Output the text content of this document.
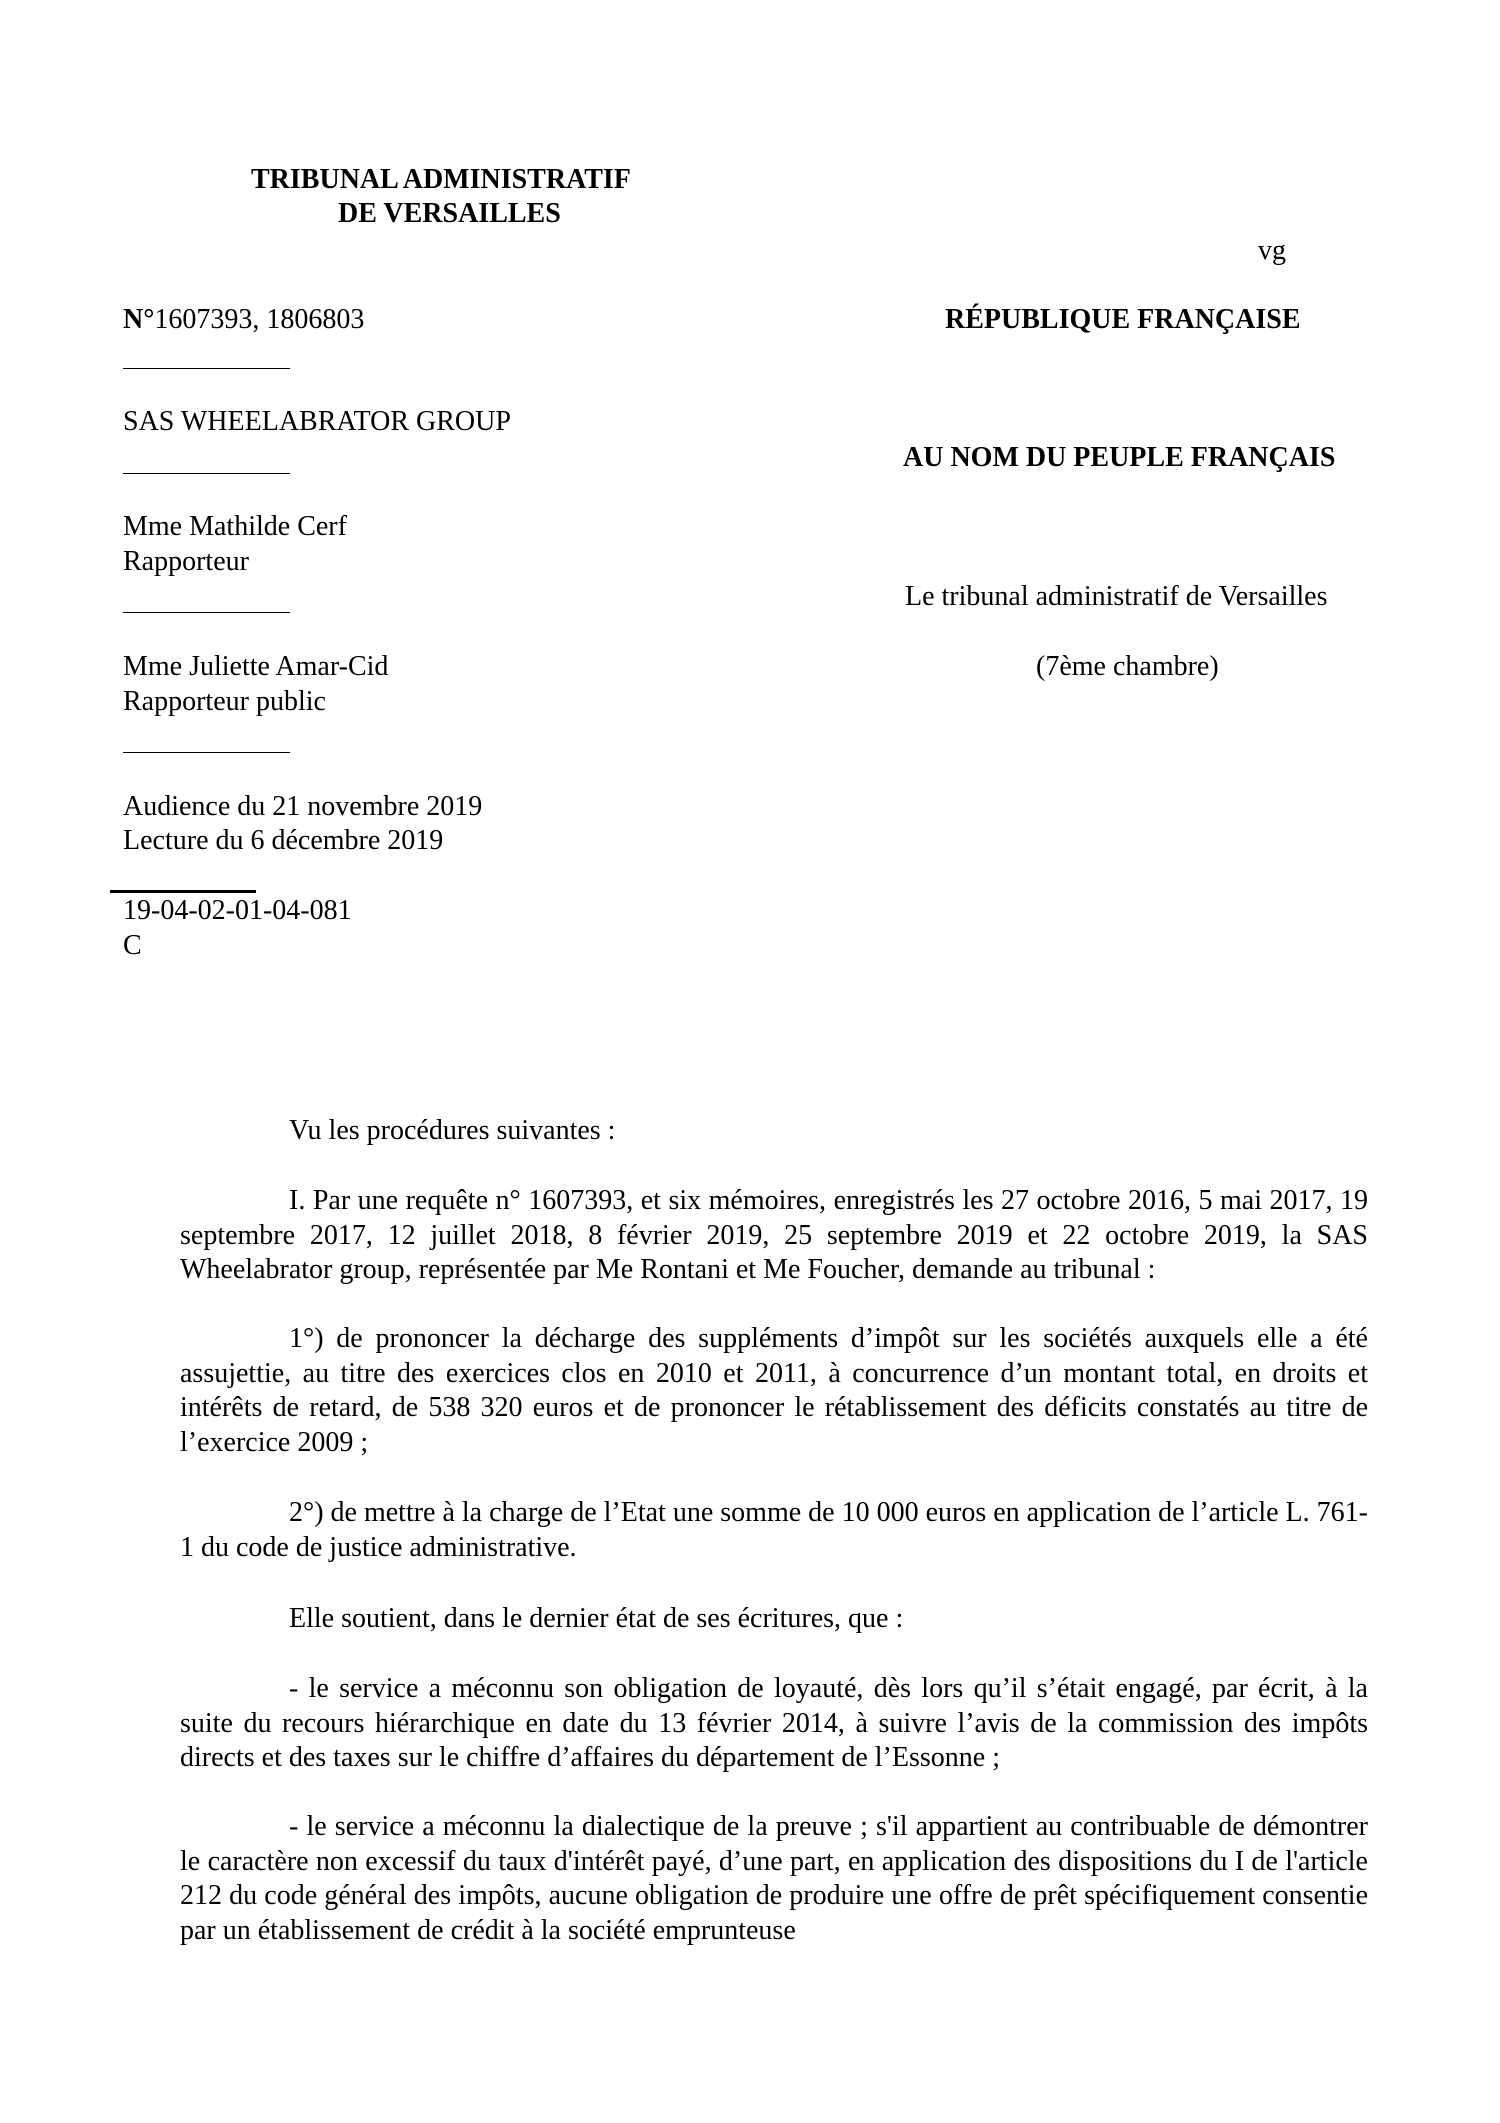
TRIBUNAL ADMINISTRATIF
DE VERSAILLES
vg
N°1607393, 1806803	RÉPUBLIQUE FRANÇAISE
SAS WHEELABRATOR GROUP
AU NOM DU PEUPLE FRANÇAIS
Mme Mathilde Cerf
Rapporteur
Le tribunal administratif de Versailles
Mme Juliette Amar-Cid	(7ème chambre)
Rapporteur public
Audience du 21 novembre 2019
Lecture du 6 décembre 2019
19-04-02-01-04-081
C

Vu les procédures suivantes :

I. Par une requête n° 1607393, et six mémoires, enregistrés les 27 octobre 2016, 5 mai 2017, 19 septembre 2017, 12 juillet 2018, 8 février 2019, 25 septembre 2019 et 22 octobre 2019, la SAS Wheelabrator group, représentée par Me Rontani et Me Foucher, demande au tribunal :

1°) de prononcer la décharge des suppléments d’impôt sur les sociétés auxquels elle a été assujettie, au titre des exercices clos en 2010 et 2011, à concurrence d’un montant total, en droits et intérêts de retard, de 538 320 euros et de prononcer le rétablissement des déficits constatés au titre de l’exercice 2009 ;

2°) de mettre à la charge de l’Etat une somme de 10 000 euros en application de l’article L. 761-1 du code de justice administrative.

Elle soutient, dans le dernier état de ses écritures, que :

- le service a méconnu son obligation de loyauté, dès lors qu’il s’était engagé, par écrit, à la suite du recours hiérarchique en date du 13 février 2014, à suivre l’avis de la commission des impôts directs et des taxes sur le chiffre d’affaires du département de l’Essonne ;

- le service a méconnu la dialectique de la preuve ; s'il appartient au contribuable de démontrer le caractère non excessif du taux d'intérêt payé, d’une part, en application des dispositions du I de l'article 212 du code général des impôts, aucune obligation de produire une offre de prêt spécifiquement consentie par un établissement de crédit à la société emprunteuse
